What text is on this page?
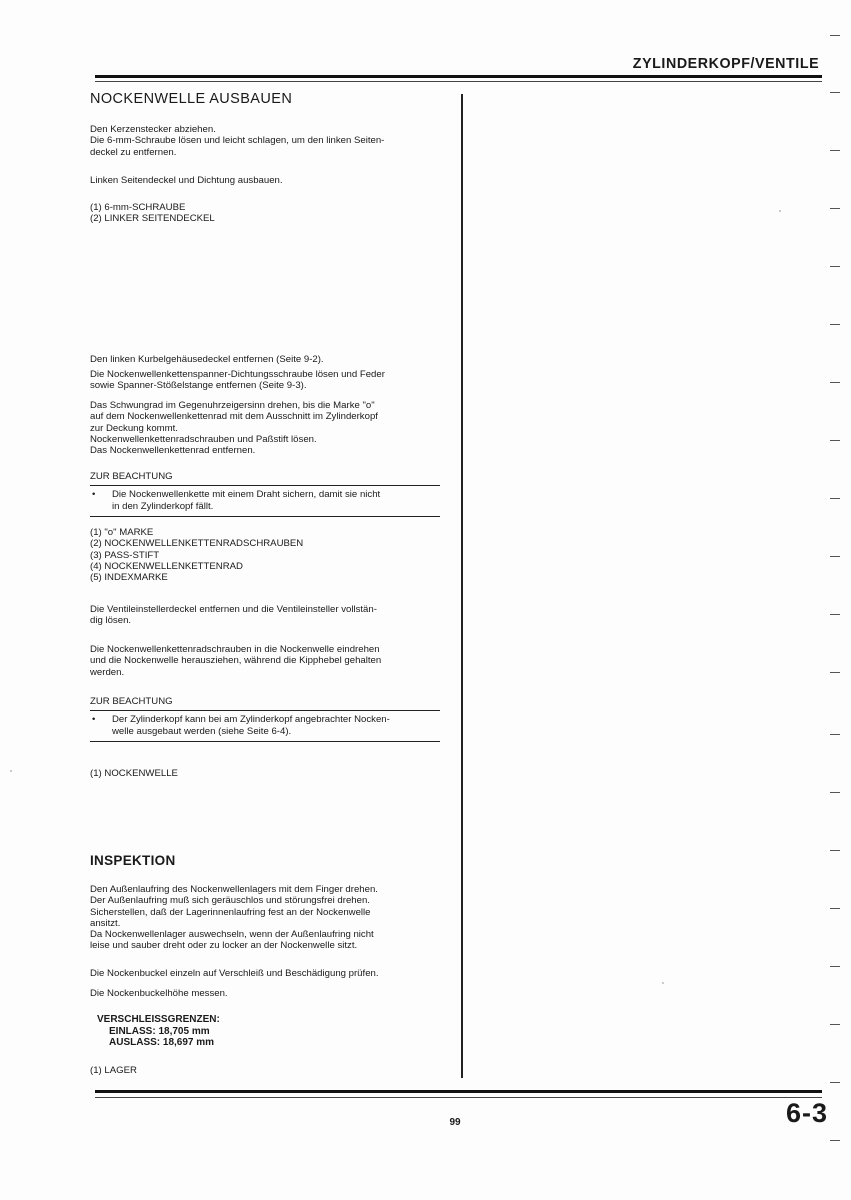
ZYLINDERKOPF/VENTILE
NOCKENWELLE AUSBAUEN

Den Kerzenstecker abziehen.

Die 6-mm-Schraube lösen und leicht schlagen, um den linken Seiten-

deckel zu entfernen.

Linken Seitendeckel und Dichtung ausbauen.

(1) 6-mm-SCHRAUBE

(2) LINKER SEITENDECKEL

Den linken Kurbelgehäusedeckel entfernen (Seite 9-2).

Die Nockenwellenkettenspanner-Dichtungsschraube lösen und Feder

sowie Spanner-Stößelstange entfernen (Seite 9-3).

Das Schwungrad im Gegenuhrzeigersinn drehen, bis die Marke "o"

auf dem Nockenwellenkettenrad mit dem Ausschnitt im Zylinderkopf

zur Deckung kommt.

Nockenwellenkettenradschrauben und Paßstift lösen.

Das Nockenwellenkettenrad entfernen.

ZUR BEACHTUNG

•	Die Nockenwellenkette mit einem Draht sichern, damit sie nicht

in den Zylinderkopf fällt.

(1) "o" MARKE

(2) NOCKENWELLENKETTENRADSCHRAUBEN

(3) PASS-STIFT

(4) NOCKENWELLENKETTENRAD

(5) INDEXMARKE

Die Ventileinstellerdeckel entfernen und die Ventileinsteller vollstän-

dig lösen.

Die Nockenwellenkettenradschrauben in die Nockenwelle eindrehen

und die Nockenwelle herausziehen, während die Kipphebel gehalten

werden.

ZUR BEACHTUNG

•	Der Zylinderkopf kann bei am Zylinderkopf angebrachter Nocken-

welle ausgebaut werden (siehe Seite 6-4).

(1) NOCKENWELLE

INSPEKTION

Den Außenlaufring des Nockenwellenlagers mit dem Finger drehen.

Der Außenlaufring muß sich geräuschlos und störungsfrei drehen.

Sicherstellen, daß der Lagerinnenlaufring fest an der Nockenwelle

ansitzt.

Da Nockenwellenlager auswechseln, wenn der Außenlaufring nicht

leise und sauber dreht oder zu locker an der Nockenwelle sitzt.

Die Nockenbuckel einzeln auf Verschleiß und Beschädigung prüfen.

Die Nockenbuckelhöhe messen.

VERSCHLEISSGRENZEN:

EINLASS: 18,705 mm

AUSLASS: 18,697 mm

(1) LAGER

99	6-3
